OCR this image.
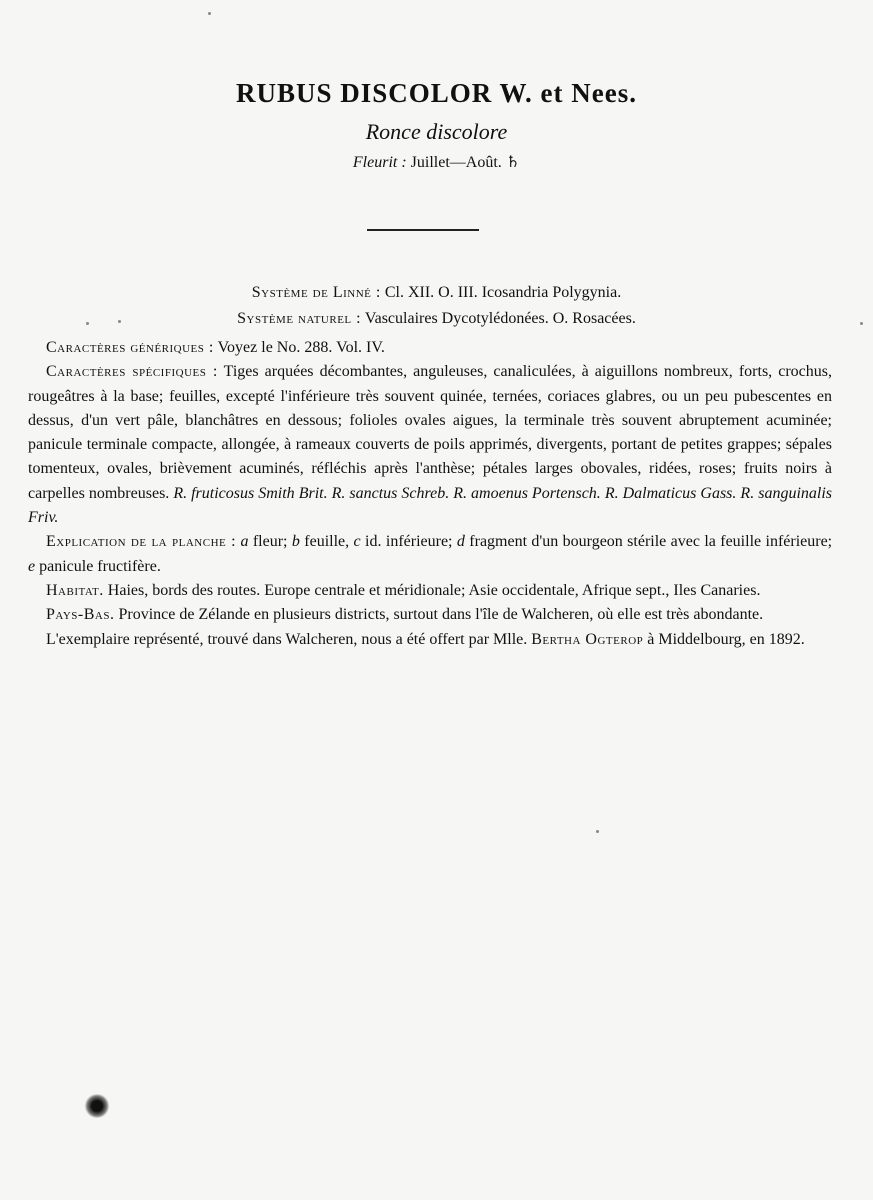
RUBUS DISCOLOR W. et Nees.
Ronce discolore
Fleurit : Juillet—Août. ♄
Système de Linné : Cl. XII. O. III. Icosandria Polygynia.
Système naturel : Vasculaires Dycotylédonées. O. Rosacées.

Caractères génériques : Voyez le No. 288. Vol. IV.

Caractères spécifiques : Tiges arquées décombantes, anguleuses, canaliculées, à aiguillons nombreux, forts, crochus, rougeâtres à la base; feuilles, excepté l'inférieure très souvent quinée, ternées, coriaces glabres, ou un peu pubescentes en dessus, d'un vert pâle, blanchâtres en dessous; folioles ovales aigues, la terminale très souvent abruptement acuminée; panicule terminale compacte, allongée, à rameaux couverts de poils apprimés, divergents, portant de petites grappes; sépales tomenteux, ovales, brièvement acuminés, réfléchis après l'anthèse; pétales larges obovales, ridées, roses; fruits noirs à carpelles nombreuses. R. fruticosus Smith Brit. R. sanctus Schreb. R. amoenus Portensch. R. Dalmaticus Gass. R. sanguinalis Friv.

Explication de la planche : a fleur; b feuille, c id. inférieure; d fragment d'un bourgeon stérile avec la feuille inférieure; e panicule fructifère.

Habitat. Haies, bords des routes. Europe centrale et méridionale; Asie occidentale, Afrique sept., Iles Canaries.

Pays-Bas. Province de Zélande en plusieurs districts, surtout dans l'île de Walcheren, où elle est très abondante.

L'exemplaire représenté, trouvé dans Walcheren, nous a été offert par Mlle. Bertha Ogterop à Middelbourg, en 1892.
